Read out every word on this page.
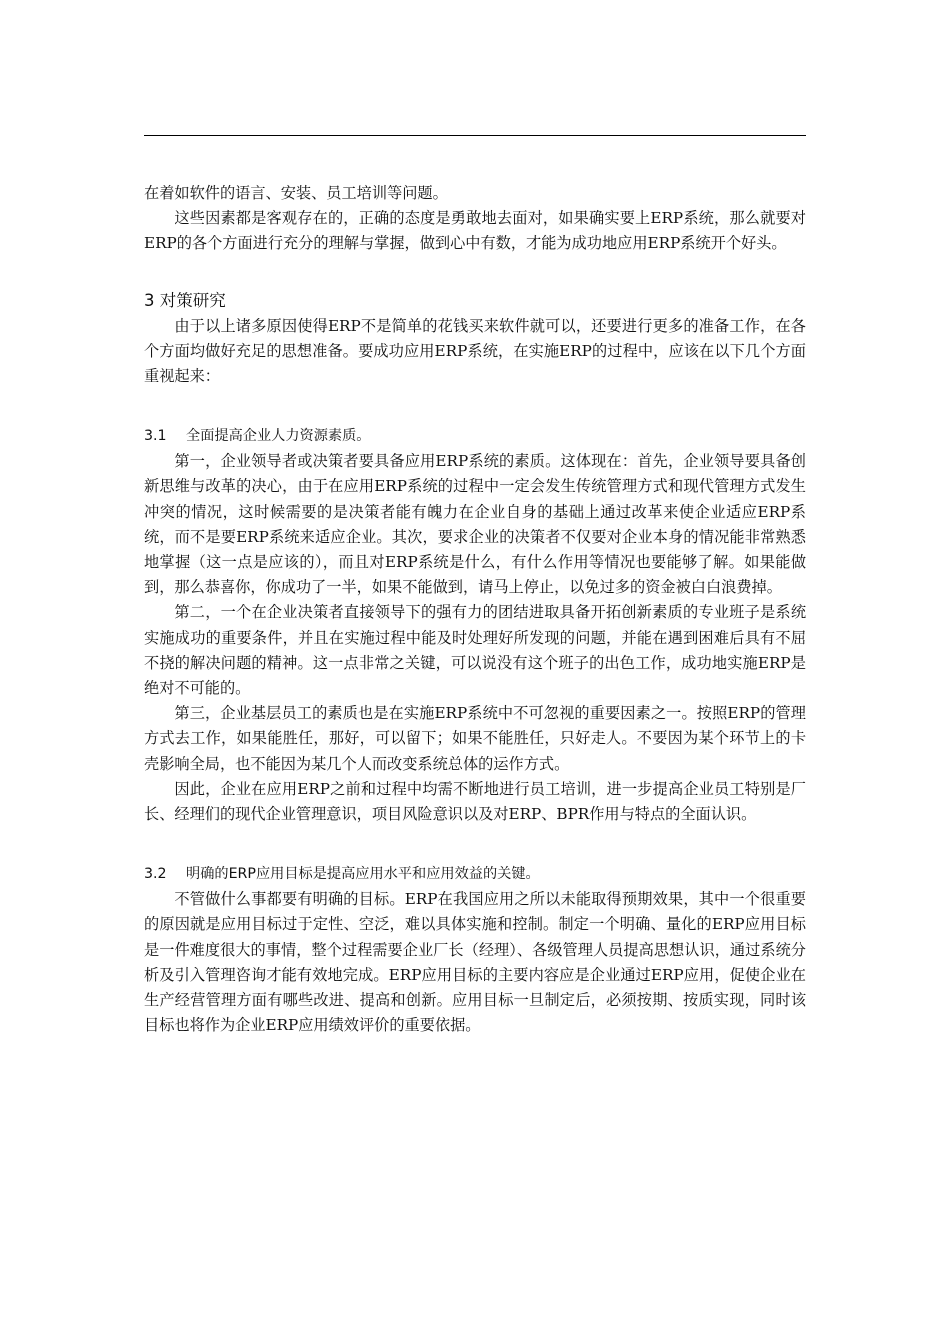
在着如软件的语言、安装、员工培训等问题。

这些因素都是客观存在的，正确的态度是勇敢地去面对，如果确实要上ERP系统，那么就要对ERP的各个方面进行充分的理解与掌握，做到心中有数，才能为成功地应用ERP系统开个好头。

3 对策研究

由于以上诸多原因使得ERP不是简单的花钱买来软件就可以，还要进行更多的准备工作，在各个方面均做好充足的思想准备。要成功应用ERP系统，在实施ERP的过程中，应该在以下几个方面重视起来：

3.1 全面提高企业人力资源素质。

第一，企业领导者或决策者要具备应用ERP系统的素质。这体现在：首先，企业领导要具备创新思维与改革的决心，由于在应用ERP系统的过程中一定会发生传统管理方式和现代管理方式发生冲突的情况，这时候需要的是决策者能有魄力在企业自身的基础上通过改革来使企业适应ERP系统，而不是要ERP系统来适应企业。其次，要求企业的决策者不仅要对企业本身的情况能非常熟悉地掌握（这一点是应该的），而且对ERP系统是什么，有什么作用等情况也要能够了解。如果能做到，那么恭喜你，你成功了一半，如果不能做到，请马上停止，以免过多的资金被白白浪费掉。

第二，一个在企业决策者直接领导下的强有力的团结进取具备开拓创新素质的专业班子是系统实施成功的重要条件，并且在实施过程中能及时处理好所发现的问题，并能在遇到困难后具有不屈不挠的解决问题的精神。这一点非常之关键，可以说没有这个班子的出色工作，成功地实施ERP是绝对不可能的。

第三，企业基层员工的素质也是在实施ERP系统中不可忽视的重要因素之一。按照ERP的管理方式去工作，如果能胜任，那好，可以留下；如果不能胜任，只好走人。不要因为某个环节上的卡壳影响全局，也不能因为某几个人而改变系统总体的运作方式。

因此，企业在应用ERP之前和过程中均需不断地进行员工培训，进一步提高企业员工特别是厂长、经理们的现代企业管理意识，项目风险意识以及对ERP、BPR作用与特点的全面认识。

3.2 明确的ERP应用目标是提高应用水平和应用效益的关键。

不管做什么事都要有明确的目标。ERP在我国应用之所以未能取得预期效果，其中一个很重要的原因就是应用目标过于定性、空泛，难以具体实施和控制。制定一个明确、量化的ERP应用目标是一件难度很大的事情，整个过程需要企业厂长（经理）、各级管理人员提高思想认识，通过系统分析及引入管理咨询才能有效地完成。ERP应用目标的主要内容应是企业通过ERP应用，促使企业在生产经营管理方面有哪些改进、提高和创新。应用目标一旦制定后，必须按期、按质实现，同时该目标也将作为企业ERP应用绩效评价的重要依据。
